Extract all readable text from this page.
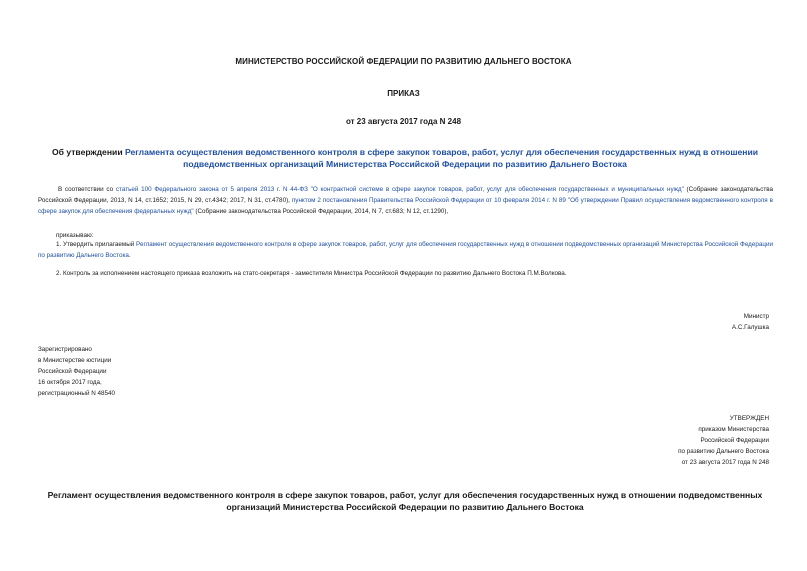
МИНИСТЕРСТВО РОССИЙСКОЙ ФЕДЕРАЦИИ ПО РАЗВИТИЮ ДАЛЬНЕГО ВОСТОКА
ПРИКАЗ
от 23 августа 2017 года N 248
Об утверждении Регламента осуществления ведомственного контроля в сфере закупок товаров, работ, услуг для обеспечения государственных нужд в отношении подведомственных организаций Министерства Российской Федерации по развитию Дальнего Востока
В соответствии со статьей 100 Федерального закона от 5 апреля 2013 г. N 44-ФЗ "О контрактной системе в сфере закупок товаров, работ, услуг для обеспечения государственных и муниципальных нужд" (Собрание законодательства Российской Федерации, 2013, N 14, ст.1652; 2015, N 29, ст.4342; 2017, N 31, ст.4780), пунктом 2 постановления Правительства Российской Федерации от 10 февраля 2014 г. N 89 "Об утверждении Правил осуществления ведомственного контроля в сфере закупок для обеспечения федеральных нужд" (Собрание законодательства Российской Федерации, 2014, N 7, ст.683; N 12, ст.1290),
приказываю:
1. Утвердить прилагаемый Регламент осуществления ведомственного контроля в сфере закупок товаров, работ, услуг для обеспечения государственных нужд в отношении подведомственных организаций Министерства Российской Федерации по развитию Дальнего Востока.
2. Контроль за исполнением настоящего приказа возложить на статс-секретаря - заместителя Министра Российской Федерации по развитию Дальнего Востока П.М.Волкова.
Министр
А.С.Галушка
Зарегистрировано
в Министерстве юстиции
Российской Федерации
16 октября 2017 года,
регистрационный N 48540
УТВЕРЖДЕН
приказом Министерства
Российской Федерации
по развитию Дальнего Востока
от 23 августа 2017 года N 248
Регламент осуществления ведомственного контроля в сфере закупок товаров, работ, услуг для обеспечения государственных нужд в отношении подведомственных организаций Министерства Российской Федерации по развитию Дальнего Востока
